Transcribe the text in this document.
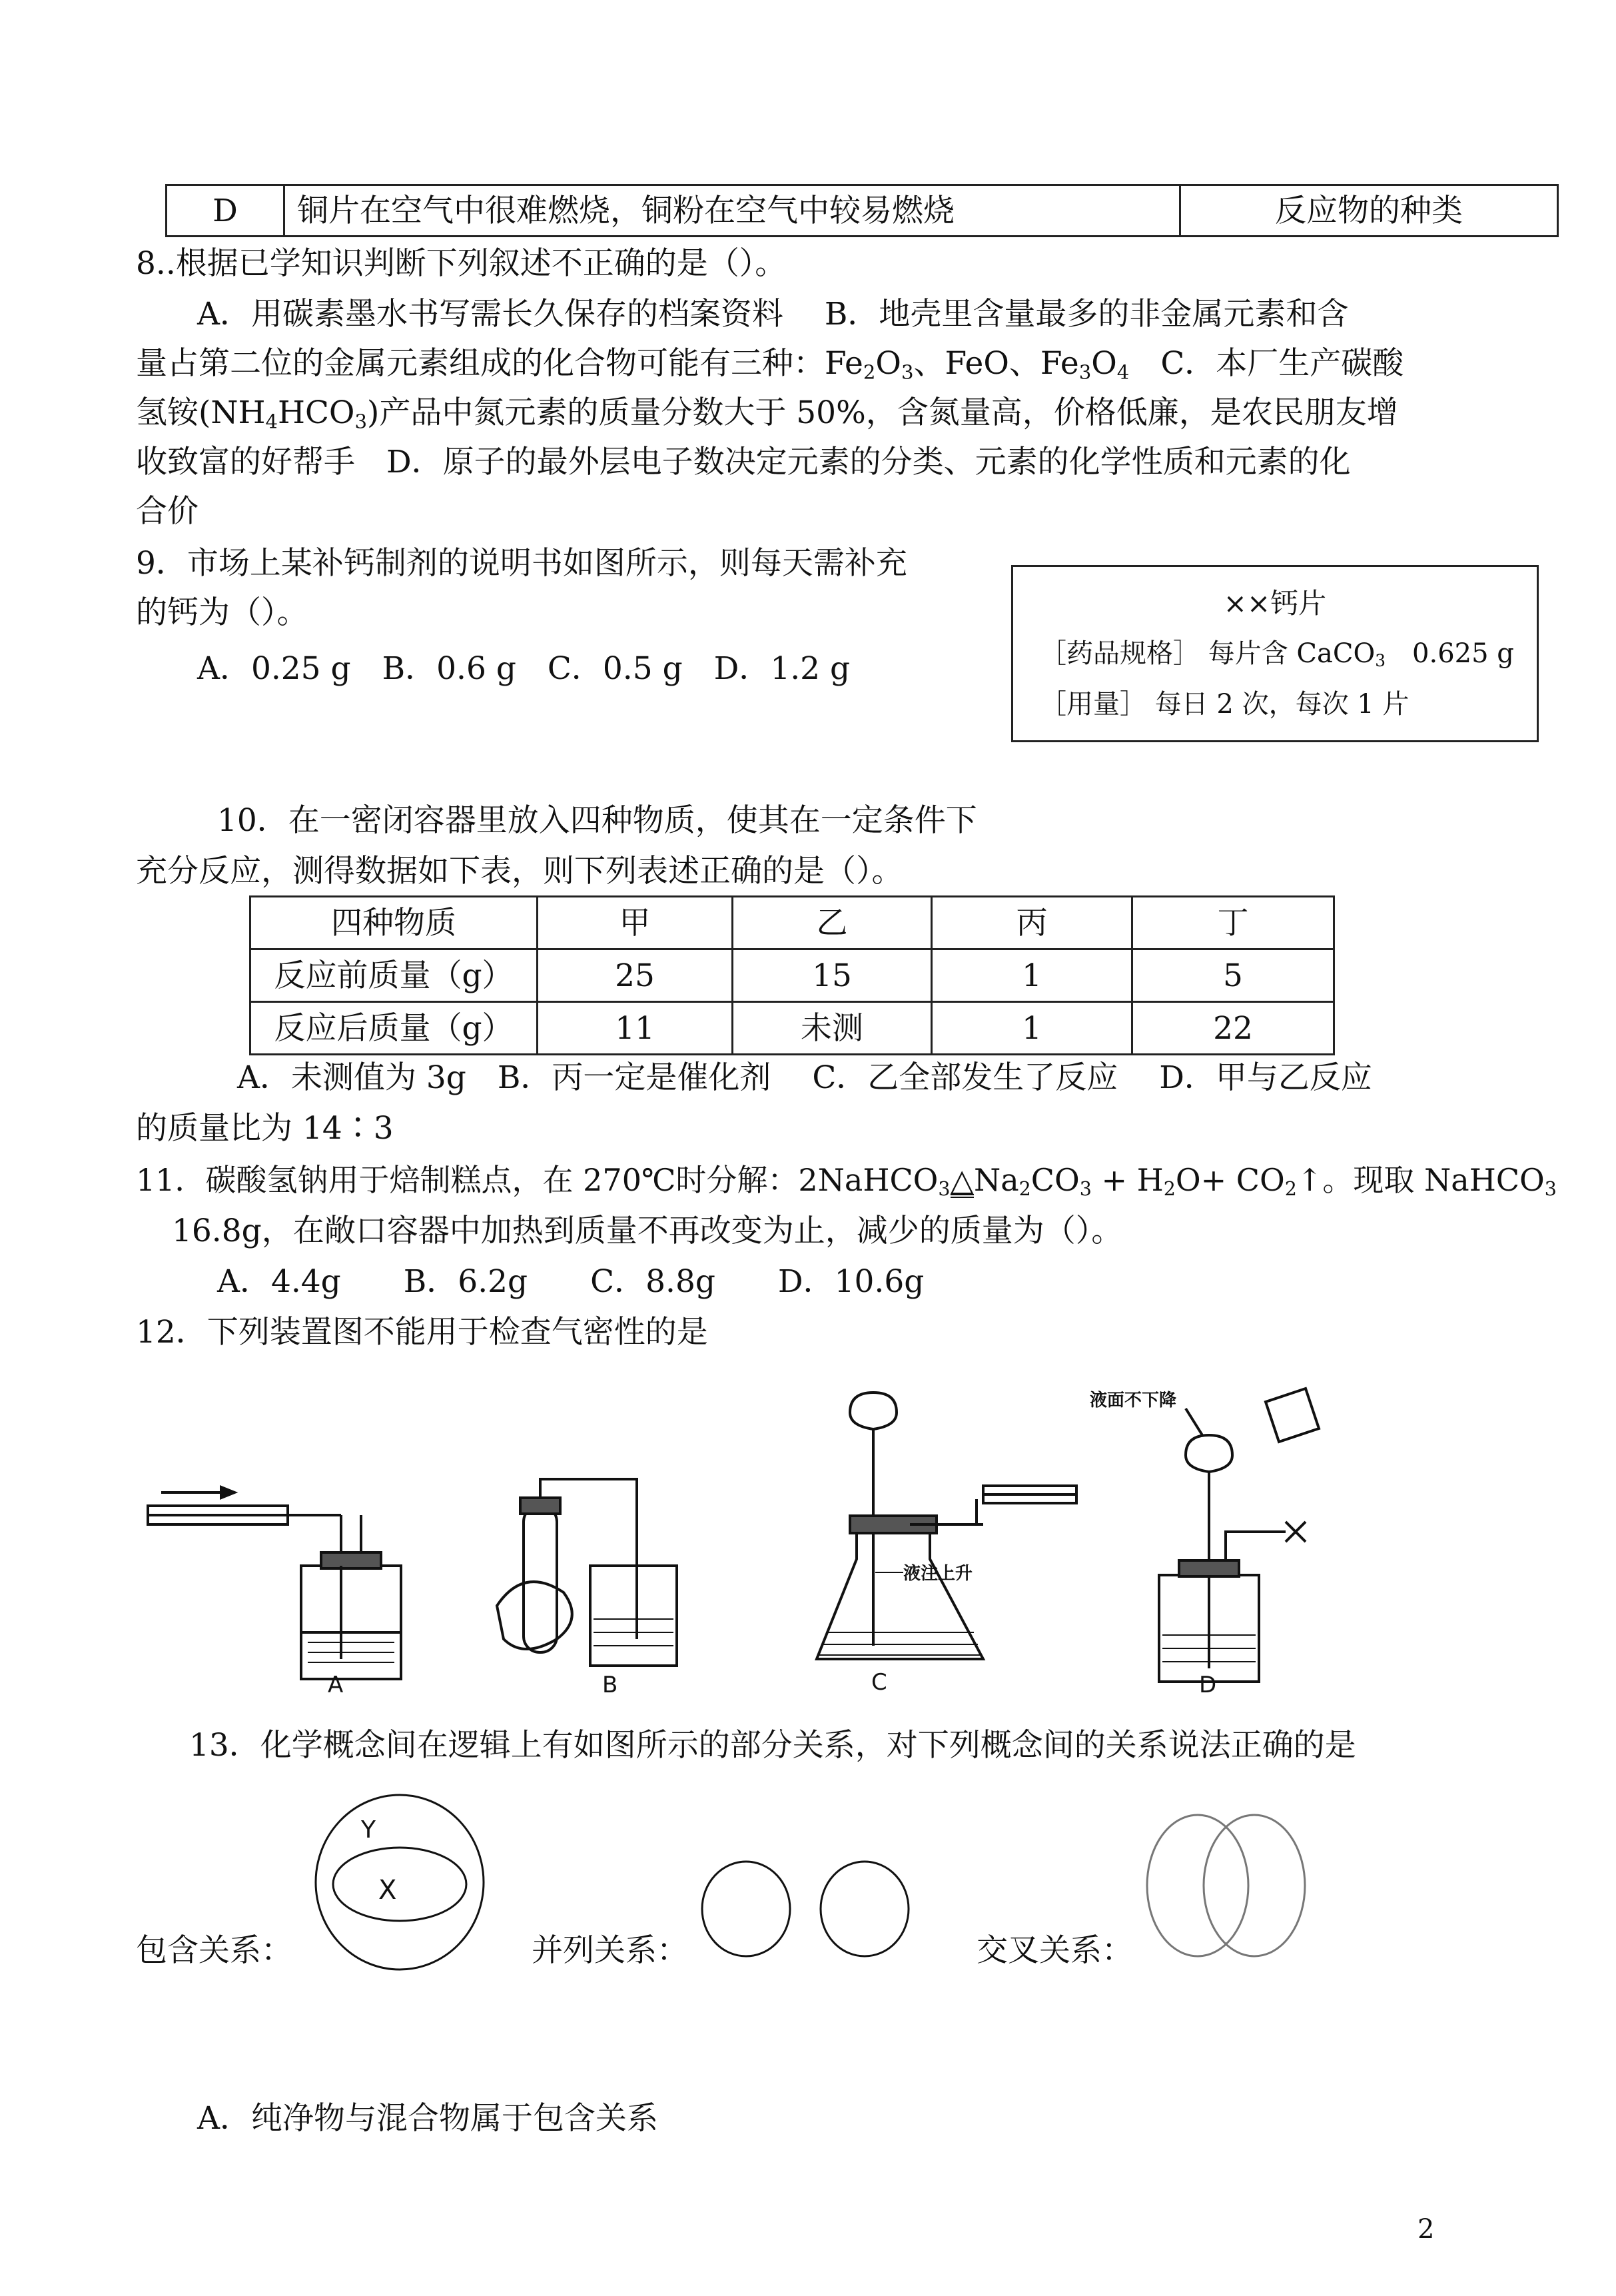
D	铜片在空气中很难燃烧，铜粉在空气中较易燃烧	反应物的种类
8..根据已学知识判断下列叙述不正确的是（）。
A．用碳素墨水书写需长久保存的档案资料　 B．地壳里含量最多的非金属元素和含
量占第二位的金属元素组成的化合物可能有三种：$Fe_2O_3$、FeO、$Fe_3O_4$　C．本厂生产碳酸
氢铵$(NH_4HCO_3)$产品中氮元素的质量分数大于 50%，含氮量高，价格低廉，是农民朋友增
收致富的好帮手　D．原子的最外层电子数决定元素的分类、元素的化学性质和元素的化
合价
9．市场上某补钙制剂的说明书如图所示，则每天需补充
的钙为（）。
A．0.25 g　B．0.6 g　C．0.5 g　D．1.2 g
××钙片
［药品规格］ 每片含 CaCO$_3$　0.625 g
［用量］ 每日 2 次，每次 1 片
10．在一密闭容器里放入四种物质，使其在一定条件下
充分反应，测得数据如下表，则下列表述正确的是（）。
四种物质	甲	乙	丙	丁
反应前质量（g）	25	15	1	5
反应后质量（g）	11	未测	1	22
A．未测值为 3g　B．丙一定是催化剂　 C．乙全部发生了反应　 D．甲与乙反应
的质量比为 14∶3
11．碳酸氢钠用于焙制糕点，在 270℃时分解：$2NaHCO_3\triangle Na_2CO_3 + H_2O+$ $CO_2↑$。现取 NaHCO$_3$
16.8g，在敞口容器中加热到质量不再改变为止，减少的质量为（）。
A．4.4g　　B．6.2g　　C．8.8g　　D．10.6g
12．下列装置图不能用于检查气密性的是
A	B
液注上升
C
液面不下降
D
13．化学概念间在逻辑上有如图所示的部分关系，对下列概念间的关系说法正确的是
包含关系：
Y
X
并列关系：	交叉关系：
A．纯净物与混合物属于包含关系
2
